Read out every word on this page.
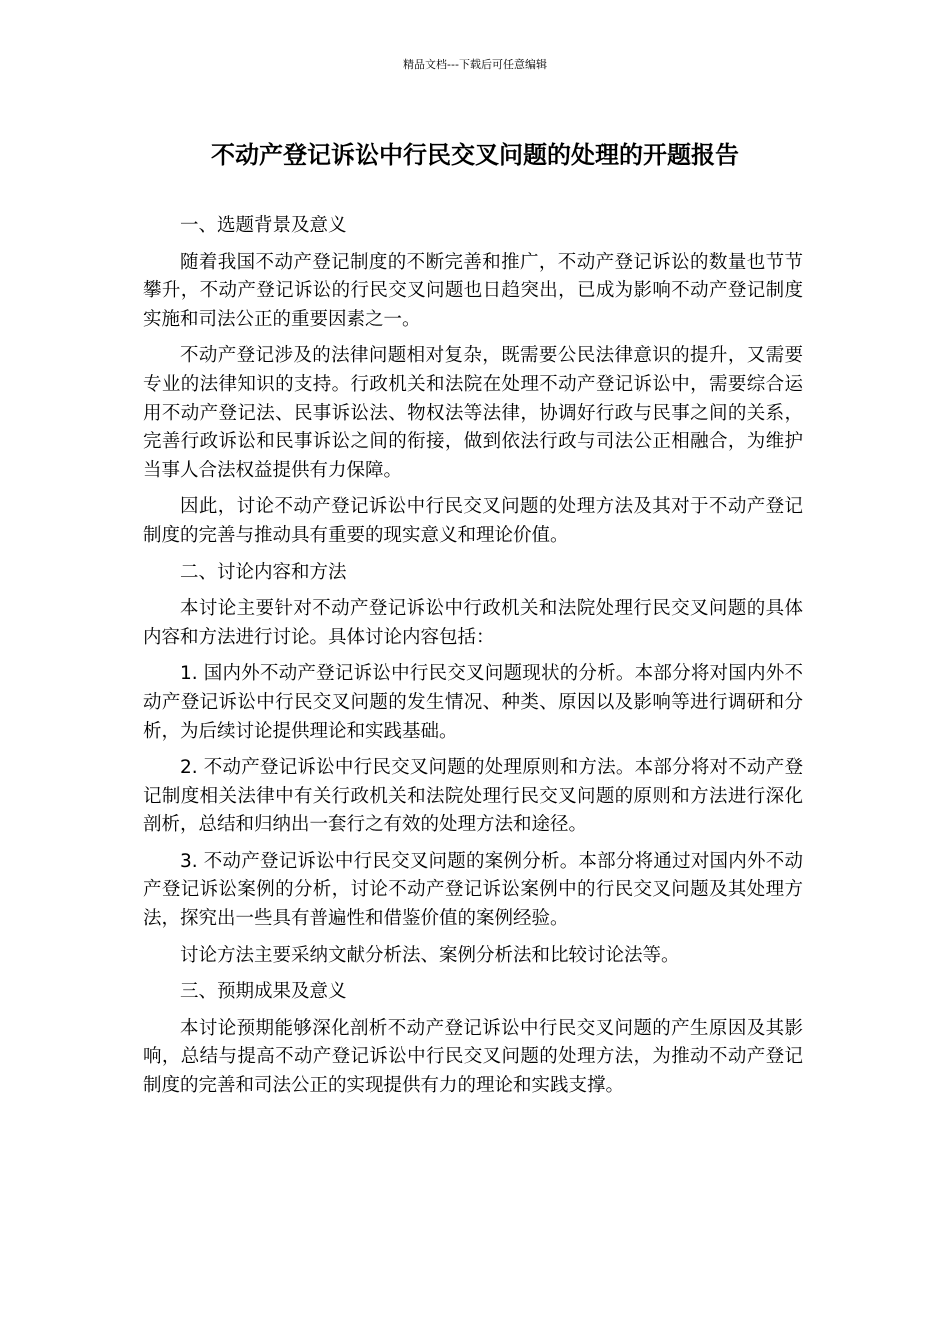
精品文档---下载后可任意编辑
不动产登记诉讼中行民交叉问题的处理的开题报告

一、选题背景及意义

随着我国不动产登记制度的不断完善和推广，不动产登记诉讼的数量也节节攀升，不动产登记诉讼的行民交叉问题也日趋突出，已成为影响不动产登记制度实施和司法公正的重要因素之一。

不动产登记涉及的法律问题相对复杂，既需要公民法律意识的提升，又需要专业的法律知识的支持。行政机关和法院在处理不动产登记诉讼中，需要综合运用不动产登记法、民事诉讼法、物权法等法律，协调好行政与民事之间的关系，完善行政诉讼和民事诉讼之间的衔接，做到依法行政与司法公正相融合，为维护当事人合法权益提供有力保障。

因此，讨论不动产登记诉讼中行民交叉问题的处理方法及其对于不动产登记制度的完善与推动具有重要的现实意义和理论价值。

二、讨论内容和方法

本讨论主要针对不动产登记诉讼中行政机关和法院处理行民交叉问题的具体内容和方法进行讨论。具体讨论内容包括：

1. 国内外不动产登记诉讼中行民交叉问题现状的分析。本部分将对国内外不动产登记诉讼中行民交叉问题的发生情况、种类、原因以及影响等进行调研和分析，为后续讨论提供理论和实践基础。

2. 不动产登记诉讼中行民交叉问题的处理原则和方法。本部分将对不动产登记制度相关法律中有关行政机关和法院处理行民交叉问题的原则和方法进行深化剖析，总结和归纳出一套行之有效的处理方法和途径。

3. 不动产登记诉讼中行民交叉问题的案例分析。本部分将通过对国内外不动产登记诉讼案例的分析，讨论不动产登记诉讼案例中的行民交叉问题及其处理方法，探究出一些具有普遍性和借鉴价值的案例经验。

讨论方法主要采纳文献分析法、案例分析法和比较讨论法等。

三、预期成果及意义

本讨论预期能够深化剖析不动产登记诉讼中行民交叉问题的产生原因及其影响，总结与提高不动产登记诉讼中行民交叉问题的处理方法，为推动不动产登记制度的完善和司法公正的实现提供有力的理论和实践支撑。
